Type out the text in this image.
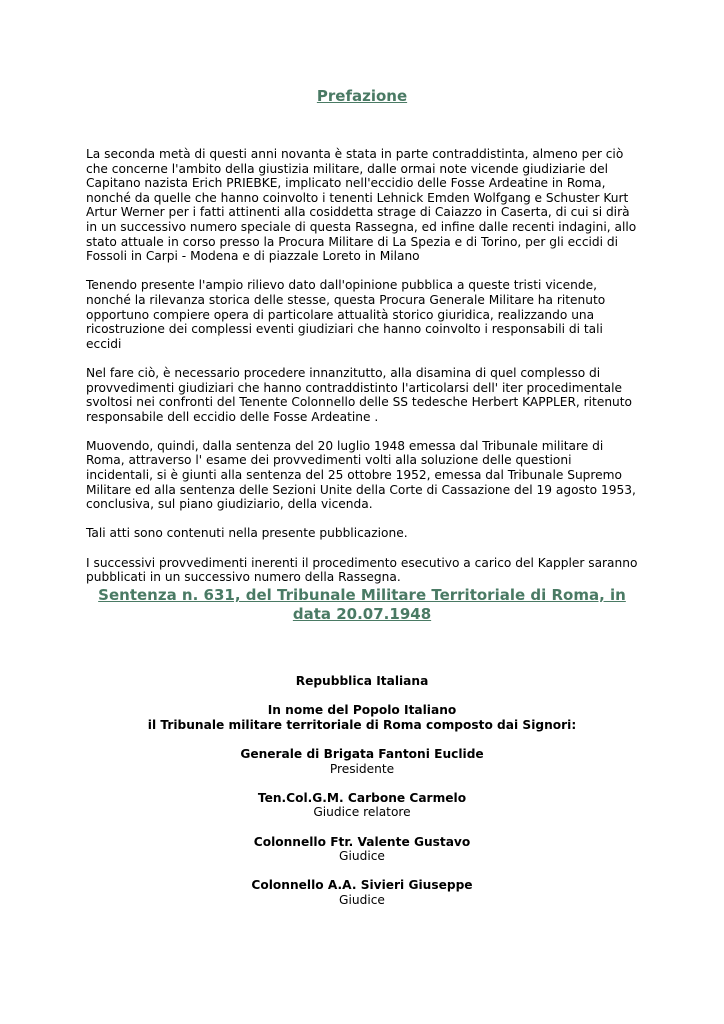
Prefazione

La seconda metà di questi anni novanta è stata in parte contraddistinta, almeno per ciò che concerne l'ambito della giustizia militare, dalle ormai note vicende giudiziarie del Capitano nazista Erich PRIEBKE, implicato nell'eccidio delle Fosse Ardeatine in Roma, nonché da quelle che hanno coinvolto i tenenti Lehnick Emden Wolfgang e Schuster Kurt Artur Werner per i fatti attinenti alla cosiddetta strage di Caiazzo in Caserta, di cui si dirà in un successivo numero speciale di questa Rassegna, ed infine dalle recenti indagini, allo stato attuale in corso presso la Procura Militare di La Spezia e di Torino, per gli eccidi di Fossoli in Carpi - Modena e di piazzale Loreto in Milano

Tenendo presente l'ampio rilievo dato dall'opinione pubblica a queste tristi vicende, nonché la rilevanza storica delle stesse, questa Procura Generale Militare ha ritenuto opportuno compiere opera di particolare attualità storico giuridica, realizzando una ricostruzione dei complessi eventi giudiziari che hanno coinvolto i responsabili di tali eccidi

Nel fare ciò, è necessario procedere innanzitutto, alla disamina di quel complesso di provvedimenti giudiziari che hanno contraddistinto l'articolarsi dell' iter procedimentale svoltosi nei confronti del Tenente Colonnello delle SS tedesche Herbert KAPPLER, ritenuto responsabile dell eccidio delle Fosse Ardeatine .

Muovendo, quindi, dalla sentenza del 20 luglio 1948 emessa dal Tribunale militare di Roma, attraverso l' esame dei provvedimenti volti alla soluzione delle questioni incidentali, si è giunti alla sentenza del 25 ottobre 1952, emessa dal Tribunale Supremo Militare ed alla sentenza delle Sezioni Unite della Corte di Cassazione del 19 agosto 1953, conclusiva, sul piano giudiziario, della vicenda.

Tali atti sono contenuti nella presente pubblicazione.

I successivi provvedimenti inerenti il procedimento esecutivo a carico del Kappler saranno pubblicati in un successivo numero della Rassegna.

Sentenza n. 631, del Tribunale Militare Territoriale di Roma, in data 20.07.1948
Repubblica Italiana
In nome del Popolo Italiano
il Tribunale militare territoriale di Roma composto dai Signori:
Generale di Brigata Fantoni Euclide
Presidente
Ten.Col.G.M. Carbone Carmelo
Giudice relatore
Colonnello Ftr. Valente Gustavo
Giudice
Colonnello A.A. Sivieri Giuseppe
Giudice
